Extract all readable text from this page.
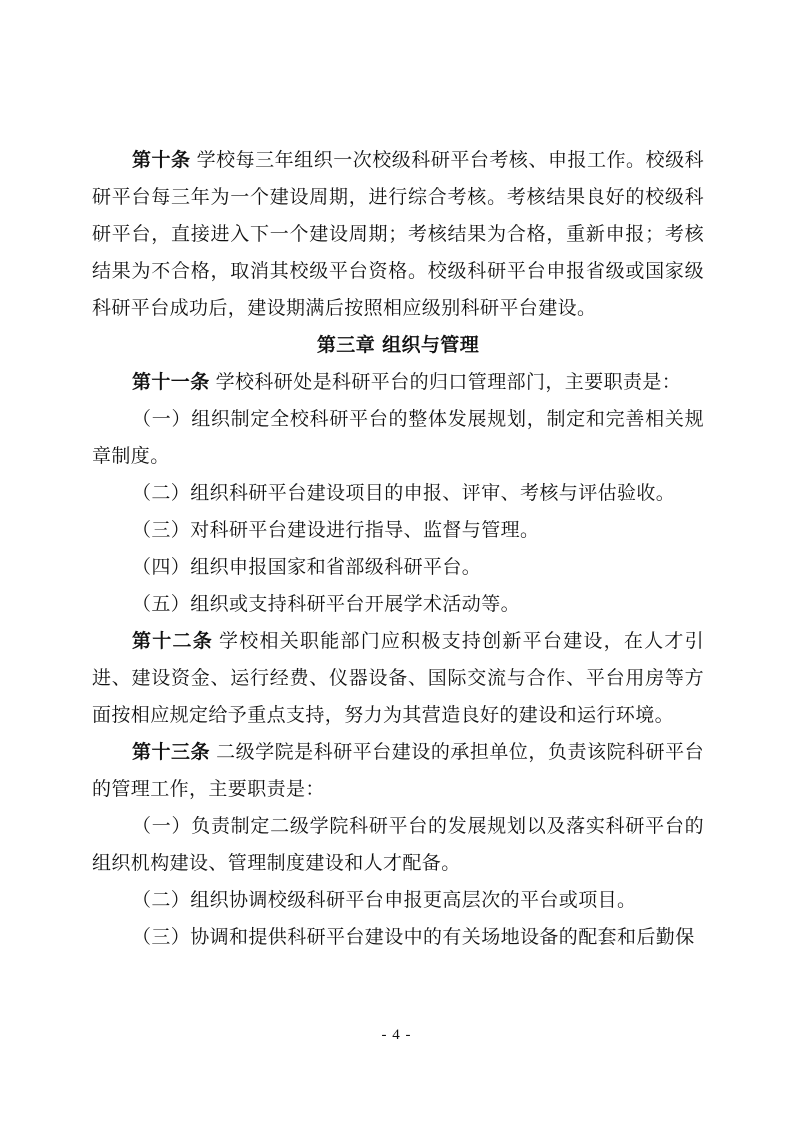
第十条 学校每三年组织一次校级科研平台考核、申报工作。校级科研平台每三年为一个建设周期，进行综合考核。考核结果良好的校级科研平台，直接进入下一个建设周期；考核结果为合格，重新申报；考核结果为不合格，取消其校级平台资格。校级科研平台申报省级或国家级科研平台成功后，建设期满后按照相应级别科研平台建设。

第三章 组织与管理

第十一条 学校科研处是科研平台的归口管理部门，主要职责是：

（一）组织制定全校科研平台的整体发展规划，制定和完善相关规章制度。

（二）组织科研平台建设项目的申报、评审、考核与评估验收。

（三）对科研平台建设进行指导、监督与管理。

（四）组织申报国家和省部级科研平台。

（五）组织或支持科研平台开展学术活动等。

第十二条 学校相关职能部门应积极支持创新平台建设，在人才引进、建设资金、运行经费、仪器设备、国际交流与合作、平台用房等方面按相应规定给予重点支持，努力为其营造良好的建设和运行环境。

第十三条 二级学院是科研平台建设的承担单位，负责该院科研平台的管理工作，主要职责是：

（一）负责制定二级学院科研平台的发展规划以及落实科研平台的组织机构建设、管理制度建设和人才配备。

（二）组织协调校级科研平台申报更高层次的平台或项目。

（三）协调和提供科研平台建设中的有关场地设备的配套和后勤保

- 4 -
